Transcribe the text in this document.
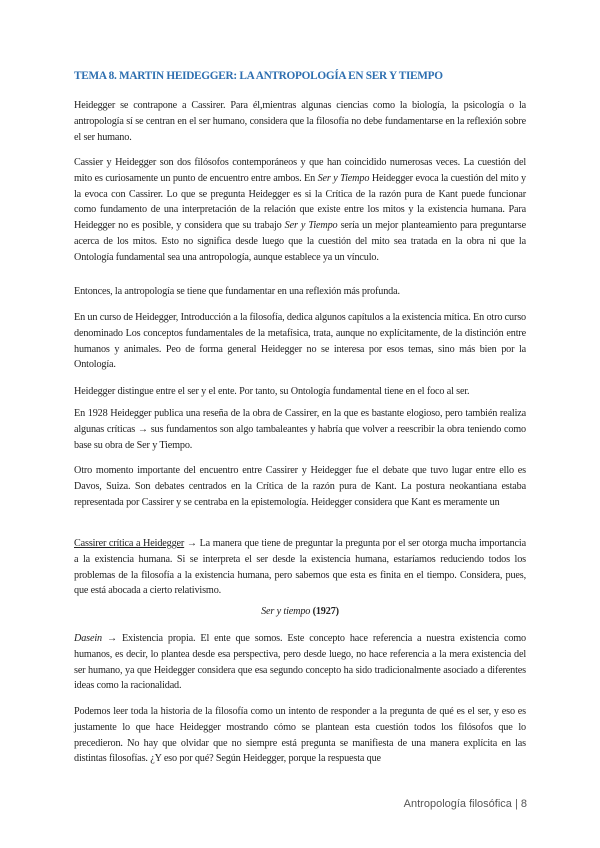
TEMA 8. MARTIN HEIDEGGER: LA ANTROPOLOGÍA EN SER Y TIEMPO
Heidegger se contrapone a Cassirer. Para él,mientras algunas ciencias como la biología, la psicología o la antropología sí se centran en el ser humano, considera que la filosofía no debe fundamentarse en la reflexión sobre el ser humano.
Cassier y Heidegger son dos filósofos contemporáneos y que han coincidido numerosas veces. La cuestión del mito es curiosamente un punto de encuentro entre ambos. En Ser y Tiempo Heidegger evoca la cuestión del mito y la evoca con Cassirer. Lo que se pregunta Heidegger es si la Crítica de la razón pura de Kant puede funcionar como fundamento de una interpretación de la relación que existe entre los mitos y la existencia humana. Para Heidegger no es posible, y considera que su trabajo Ser y Tiempo sería un mejor planteamiento para preguntarse acerca de los mitos. Esto no significa desde luego que la cuestión del mito sea tratada en la obra ni que la Ontología fundamental sea una antropología, aunque establece ya un vínculo.
Entonces, la antropología se tiene que fundamentar en una reflexión más profunda.
En un curso de Heidegger, Introducción a la filosofía, dedica algunos capítulos a la existencia mítica. En otro curso denominado Los conceptos fundamentales de la metafísica, trata, aunque no explícitamente, de la distinción entre humanos y animales. Peo de forma general Heidegger no se interesa por esos temas, sino más bien por la Ontología.
Heidegger distingue entre el ser y el ente. Por tanto, su Ontología fundamental tiene en el foco al ser.
En 1928 Heidegger publica una reseña de la obra de Cassirer, en la que es bastante elogioso, pero también realiza algunas críticas → sus fundamentos son algo tambaleantes y habría que volver a reescribir la obra teniendo como base su obra de Ser y Tiempo.
Otro momento importante del encuentro entre Cassirer y Heidegger fue el debate que tuvo lugar entre ello es Davos, Suiza. Son debates centrados en la Crítica de la razón pura de Kant. La postura neokantiana estaba representada por Cassirer y se centraba en la epistemología. Heidegger considera que Kant es meramente un
Cassirer crítica a Heidegger → La manera que tiene de preguntar la pregunta por el ser otorga mucha importancia a la existencia humana. Si se interpreta el ser desde la existencia humana, estaríamos reduciendo todos los problemas de la filosofía a la existencia humana, pero sabemos que esta es finita en el tiempo. Considera, pues, que está abocada a cierto relativismo.
Ser y tiempo (1927)
Dasein → Existencia propia. El ente que somos. Este concepto hace referencia a nuestra existencia como humanos, es decir, lo plantea desde esa perspectiva, pero desde luego, no hace referencia a la mera existencia del ser humano, ya que Heidegger considera que esa segundo concepto ha sido tradicionalmente asociado a diferentes ideas como la racionalidad.
Podemos leer toda la historia de la filosofía como un intento de responder a la pregunta de qué es el ser, y eso es justamente lo que hace Heidegger mostrando cómo se plantean esta cuestión todos los filósofos que lo precedieron. No hay que olvidar que no siempre está pregunta se manifiesta de una manera explícita en las distintas filosofías. ¿Y eso por qué? Según Heidegger, porque la respuesta que
Antropología filosófica | 8
